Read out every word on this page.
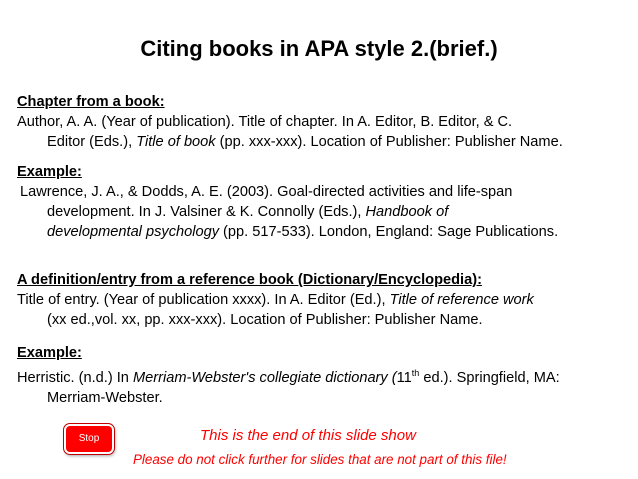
Citing books in APA style 2.(brief.)
Chapter from a book:
Author, A. A. (Year of publication). Title of chapter. In A. Editor, B. Editor, & C.
Editor (Eds.), Title of book (pp. xxx-xxx). Location of Publisher: Publisher Name.
Example:
Lawrence, J. A., & Dodds, A. E. (2003). Goal-directed activities and life-span
development. In J. Valsiner & K. Connolly (Eds.), Handbook of
developmental psychology (pp. 517-533). London, England: Sage Publications.
A definition/entry from a reference book (Dictionary/Encyclopedia):
Title of entry. (Year of publication xxxx). In A. Editor (Ed.), Title of reference work
(xx ed.,vol. xx, pp. xxx-xxx). Location of Publisher: Publisher Name.
Example:
Herristic. (n.d.) In Merriam-Webster's collegiate dictionary (11th ed.). Springfield, MA:
Merriam-Webster.
Stop	This is the end of this slide show
Please do not click further for slides that are not part of this file!
